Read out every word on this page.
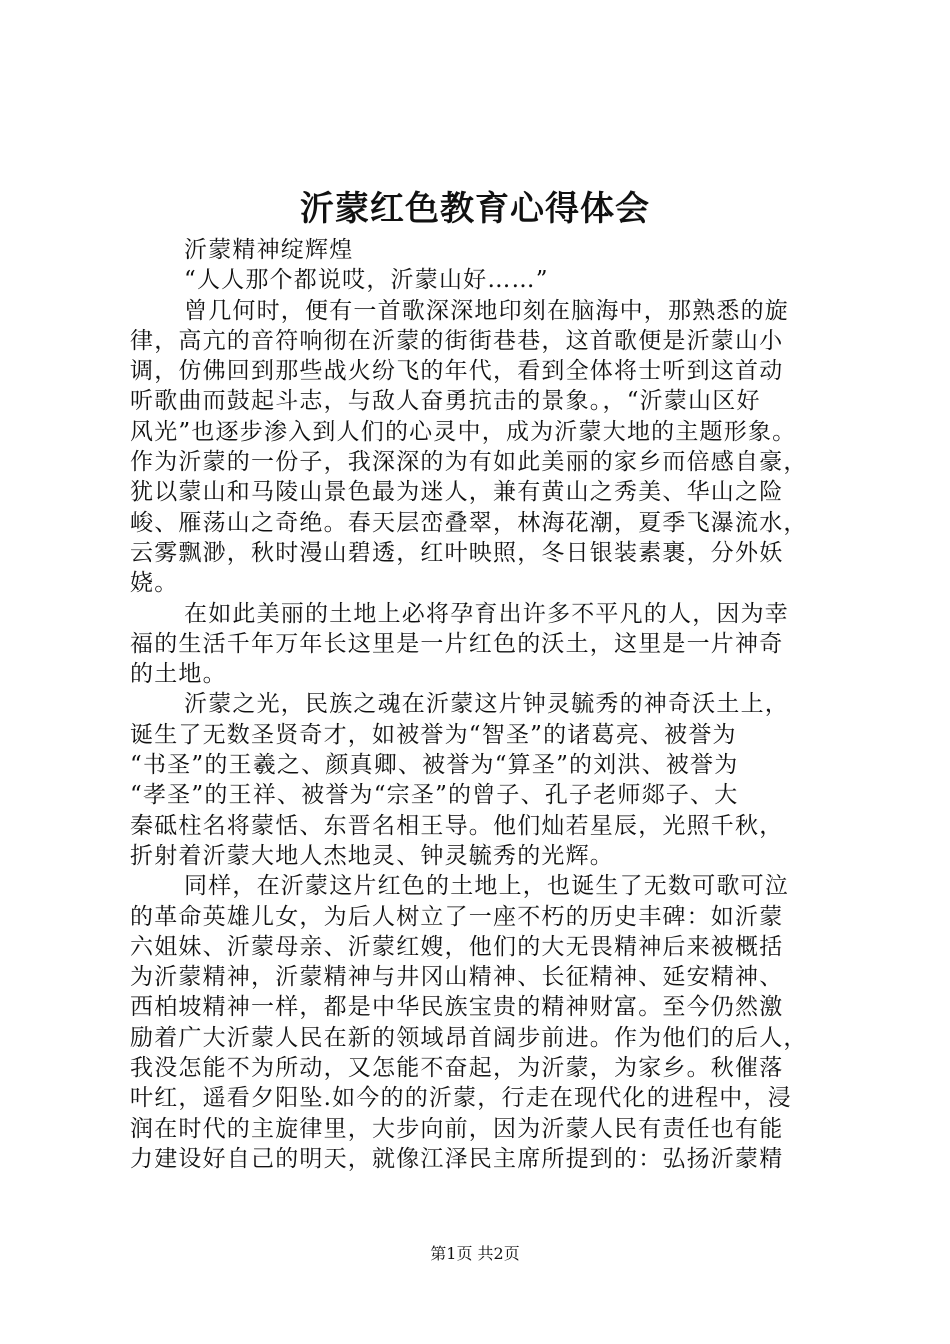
沂蒙红色教育心得体会
沂蒙精神绽辉煌
“人人那个都说哎，沂蒙山好……”
曾几何时，便有一首歌深深地印刻在脑海中，那熟悉的旋
律，高亢的音符响彻在沂蒙的街街巷巷，这首歌便是沂蒙山小
调，仿佛回到那些战火纷飞的年代，看到全体将士听到这首动
听歌曲而鼓起斗志，与敌人奋勇抗击的景象。，“沂蒙山区好
风光”也逐步渗入到人们的心灵中，成为沂蒙大地的主题形象。
作为沂蒙的一份子，我深深的为有如此美丽的家乡而倍感自豪，
犹以蒙山和马陵山景色最为迷人，兼有黄山之秀美、华山之险
峻、雁荡山之奇绝。春天层峦叠翠，林海花潮，夏季飞瀑流水，
云雾飘渺，秋时漫山碧透，红叶映照，冬日银装素裹，分外妖
娆。
在如此美丽的土地上必将孕育出许多不平凡的人，因为幸
福的生活千年万年长这里是一片红色的沃土，这里是一片神奇
的土地。
沂蒙之光，民族之魂在沂蒙这片钟灵毓秀的神奇沃土上，
诞生了无数圣贤奇才，如被誉为“智圣”的诸葛亮、被誉为
“书圣”的王羲之、颜真卿、被誉为“算圣”的刘洪、被誉为
“孝圣”的王祥、被誉为“宗圣”的曾子、孔子老师郯子、大
秦砥柱名将蒙恬、东晋名相王导。他们灿若星辰，光照千秋，
折射着沂蒙大地人杰地灵、钟灵毓秀的光辉。
同样，在沂蒙这片红色的土地上，也诞生了无数可歌可泣
的革命英雄儿女，为后人树立了一座不朽的历史丰碑：如沂蒙
六姐妹、沂蒙母亲、沂蒙红嫂，他们的大无畏精神后来被概括
为沂蒙精神，沂蒙精神与井冈山精神、长征精神、延安精神、
西柏坡精神一样，都是中华民族宝贵的精神财富。至今仍然激
励着广大沂蒙人民在新的领域昂首阔步前进。作为他们的后人，
我没怎能不为所动，又怎能不奋起，为沂蒙，为家乡。秋催落
叶红，遥看夕阳坠.如今的的沂蒙，行走在现代化的进程中，浸
润在时代的主旋律里，大步向前，因为沂蒙人民有责任也有能
力建设好自己的明天，就像江泽民主席所提到的：弘扬沂蒙精
第1页 共2页
